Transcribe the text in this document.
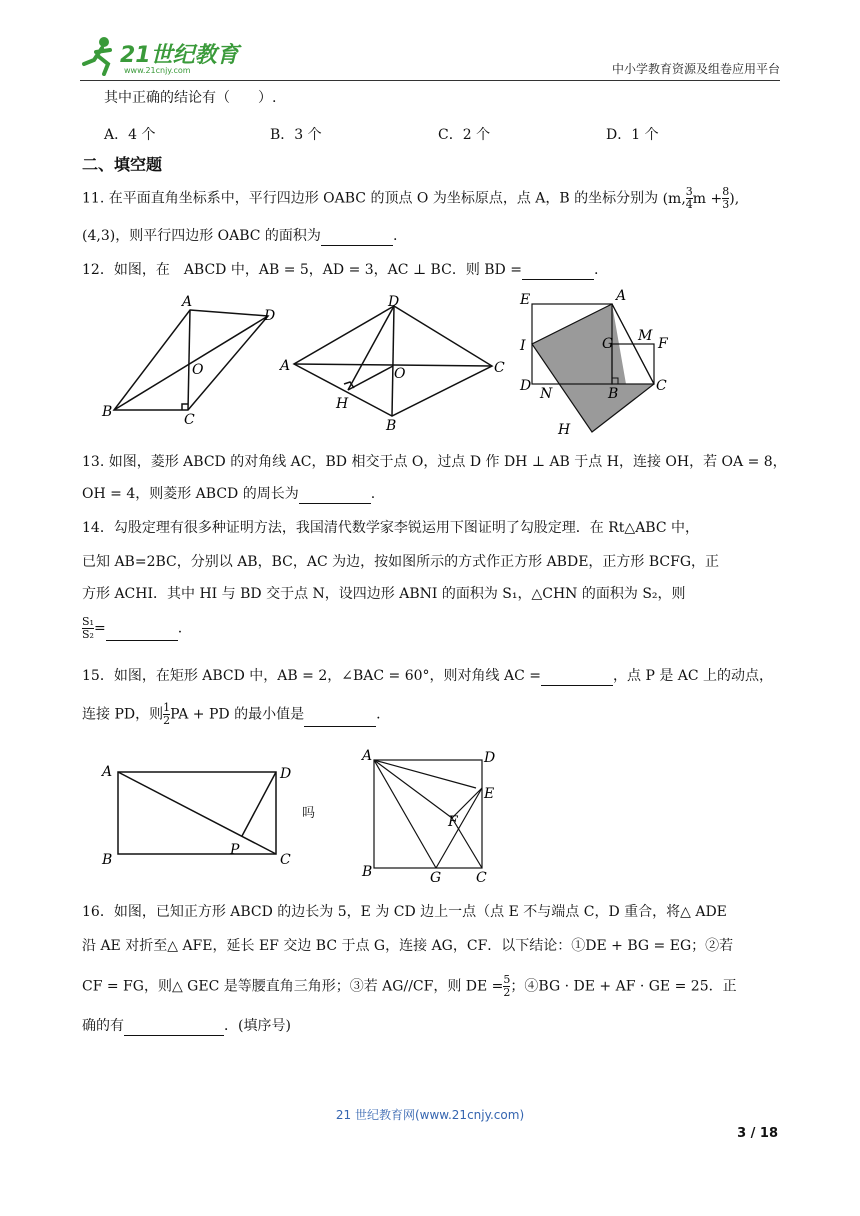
21世纪教育
www.21cnjy.com	中小学教育资源及组卷应用平台
其中正确的结论有（　　）.
A．4 个	B．3 个	C．2 个	D．1 个
二、填空题
11. 在平面直角坐标系中，平行四边形 OABC 的顶点 O 为坐标原点，点 A，B 的坐标分别为 (m, $\frac{3}{4}$ $m + \frac{8}{3}$ ),
(4,3)，则平行四边形 OABC 的面积为	.
12．如图，在　ABCD 中，AB = 5，AD = 3，AC ⊥ BC．则 BD =	.
A
D
O
B	C
D
A	O	C
H
B
E	A
M F
I	G
D N	B	C
H
13. 如图，菱形 ABCD 的对角线 AC，BD 相交于点 O，过点 D 作 DH ⊥ AB 于点 H，连接 OH，若 OA = 8，
OH = 4，则菱形 ABCD 的周长为	.
14．勾股定理有很多种证明方法，我国清代数学家李锐运用下图证明了勾股定理．在 Rt△ABC 中，
已知 AB=2BC，分别以 AB，BC，AC 为边，按如图所示的方式作正方形 ABDE，正方形 BCFG，正
方形 ACHI．其中 HI 与 BD 交于点 N，设四边形 ABNI 的面积为 S₁，△CHN 的面积为 S₂，则
$\frac{\text{S₁}}{\text{S₂}}$ =	.
15．如图，在矩形 ABCD 中，AB = 2，∠BAC = 60°，则对角线 AC =	，点 P 是 AC 上的动点，
连接 PD，则 $\frac{1}{2}$ PA + PD 的最小值是	.
A	D
B
P
C
吗
A	D
E
F
B	G C
16．如图，已知正方形 ABCD 的边长为 5，E 为 CD 边上一点（点 E 不与端点 C，D 重合，将△ ADE
沿 AE 对折至△ AFE，延长 EF 交边 BC 于点 G，连接 AG，CF．以下结论：①DE + BG = EG；②若
CF = FG，则△ GEC 是等腰直角三角形；③若 AG//CF，则 DE = $\frac{5}{2}$ ；④BG · DE + AF · GE = 25．正
确的有	．(填序号)
21 世纪教育网(www.21cnjy.com)
3 / 18
